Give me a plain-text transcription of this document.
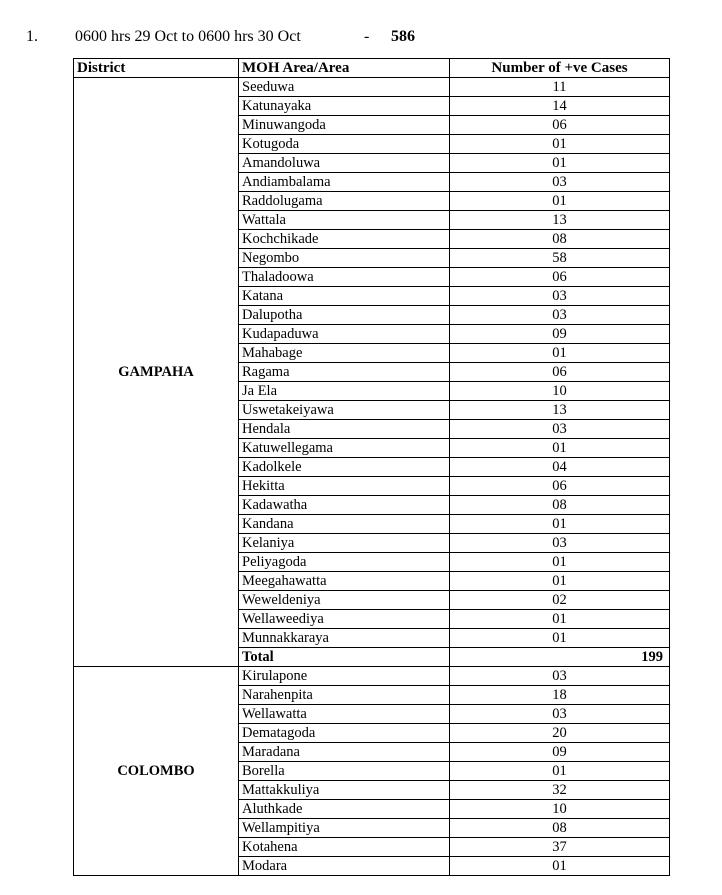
1. 0600 hrs 29 Oct to 0600 hrs 30 Oct	- 586
District	MOH Area/Area	Number of +ve Cases
GAMPAHA	Seeduwa	11
	Katunayaka	14
	Minuwangoda	06
	Kotugoda	01
	Amandoluwa	01
	Andiambalama	03
	Raddolugama	01
	Wattala	13
	Kochchikade	08
	Negombo	58
	Thaladoowa	06
	Katana	03
	Dalupotha	03
	Kudapaduwa	09
	Mahabage	01
	Ragama	06
	Ja Ela	10
	Uswetakeiyawa	13
	Hendala	03
	Katuwellegama	01
	Kadolkele	04
	Hekitta	06
	Kadawatha	08
	Kandana	01
	Kelaniya	03
	Peliyagoda	01
	Meegahawatta	01
	Weweldeniya	02
	Wellaweediya	01
	Munnakkaraya	01
	Total	199
COLOMBO	Kirulapone	03
	Narahenpita	18
	Wellawatta	03
	Dematagoda	20
	Maradana	09
	Borella	01
	Mattakkuliya	32
	Aluthkade	10
	Wellampitiya	08
	Kotahena	37
	Modara	01
